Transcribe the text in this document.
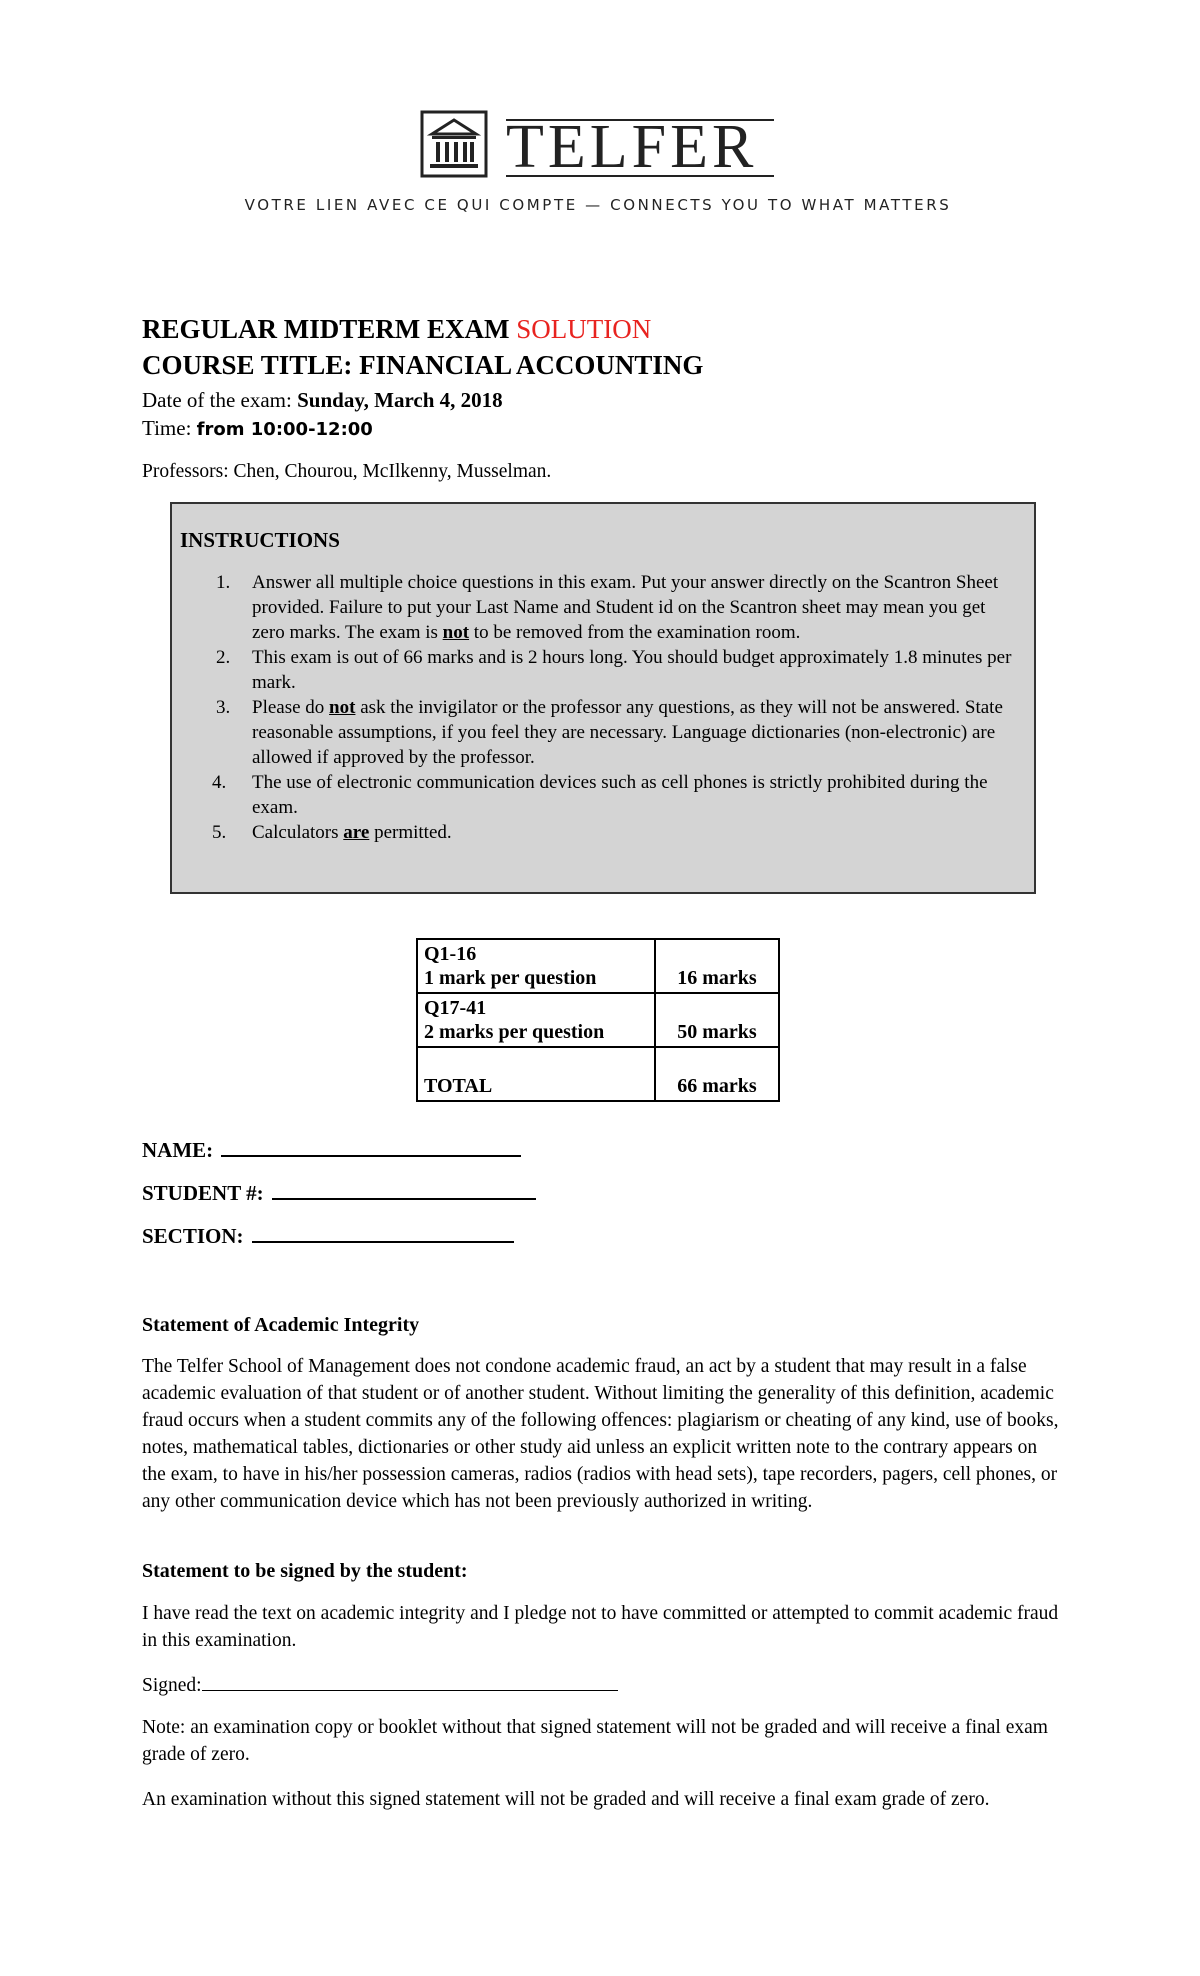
TELFER
VOTRE LIEN AVEC CE QUI COMPTE — CONNECTS YOU TO WHAT MATTERS
REGULAR MIDTERM EXAM SOLUTION
COURSE TITLE: FINANCIAL ACCOUNTING
Date of the exam: Sunday, March 4, 2018
Time: from 10:00-12:00
Professors: Chen, Chourou, McIlkenny, Musselman.
INSTRUCTIONS
1. Answer all multiple choice questions in this exam. Put your answer directly on the Scantron Sheet provided. Failure to put your Last Name and Student id on the Scantron sheet may mean you get zero marks. The exam is not to be removed from the examination room.
2. This exam is out of 66 marks and is 2 hours long. You should budget approximately 1.8 minutes per mark.
3. Please do not ask the invigilator or the professor any questions, as they will not be answered. State reasonable assumptions, if you feel they are necessary. Language dictionaries (non-electronic) are allowed if approved by the professor.
4. The use of electronic communication devices such as cell phones is strictly prohibited during the exam.
5. Calculators are permitted.
Q1-16
1 mark per question	16 marks

Q17-41
2 marks per question	50 marks

TOTAL	66 marks
NAME:
STUDENT #:
SECTION:
Statement of Academic Integrity
The Telfer School of Management does not condone academic fraud, an act by a student that may result in a false academic evaluation of that student or of another student. Without limiting the generality of this definition, academic fraud occurs when a student commits any of the following offences: plagiarism or cheating of any kind, use of books, notes, mathematical tables, dictionaries or other study aid unless an explicit written note to the contrary appears on the exam, to have in his/her possession cameras, radios (radios with head sets), tape recorders, pagers, cell phones, or any other communication device which has not been previously authorized in writing.
Statement to be signed by the student:
I have read the text on academic integrity and I pledge not to have committed or attempted to commit academic fraud in this examination.
Signed:
Note: an examination copy or booklet without that signed statement will not be graded and will receive a final exam grade of zero.
An examination without this signed statement will not be graded and will receive a final exam grade of zero.
